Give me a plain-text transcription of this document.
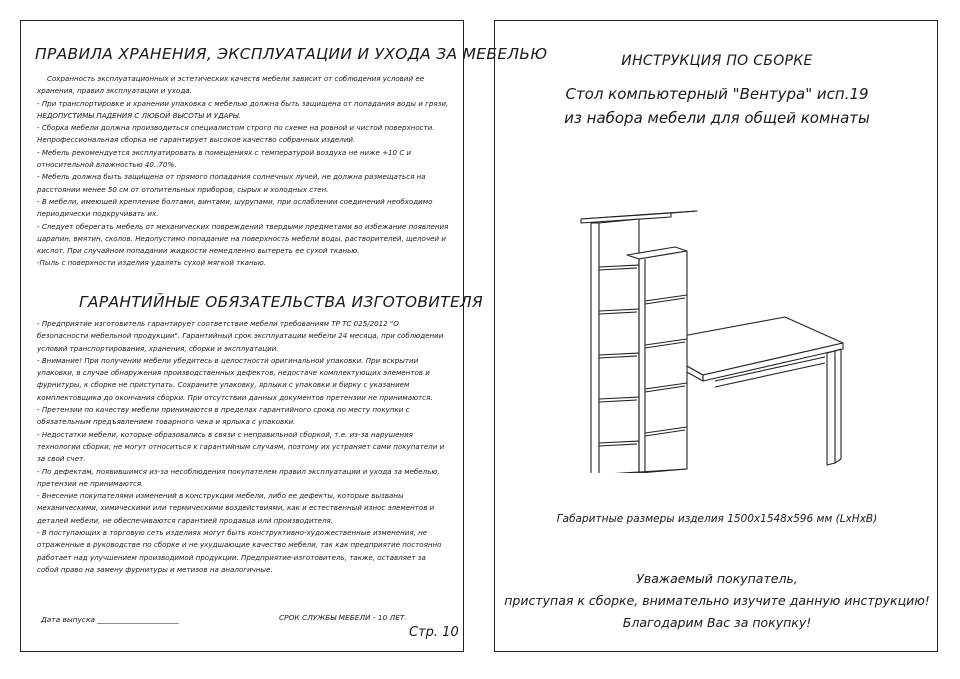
ПРАВИЛА ХРАНЕНИЯ, ЭКСПЛУАТАЦИИ И УХОДА ЗА МЕБЕЛЬЮ

Сохранность эксплуатационных и эстетических качеств мебели зависит от соблюдения условий ее хранения, правил эксплуатации и ухода.

- При транспортировке и хранении упаковка с мебелью должна быть защищена от попадания воды и грязи, НЕДОПУСТИМЫ ПАДЕНИЯ С ЛЮБОЙ ВЫСОТЫ И УДАРЫ.

- Сборка мебели должна производиться специалистом строго по схеме на ровной и чистой поверхности. Непрофессиональная сборка не гарантирует высокое качество собранных изделий.

- Мебель рекомендуется эксплуатировать в помещениях с температурой воздуха не ниже +10 С и относительной влажностью 40..70%.

- Мебель должна быть защищена от прямого попадания солнечных лучей, не должна размещаться на расстоянии менее 50 см от отопительных приборов, сырых и холодных стен.

- В мебели, имеющей крепление болтами, винтами, шурупами, при ослаблении соединений необходимо периодически подкручивать их.

- Следует оберегать мебель от механических повреждений твердыми предметами во избежание появления царапин, вмятин, сколов. Недопустимо попадание на поверхность мебели воды, растворителей, щелочей и кислот. При случайном попадании жидкости немедленно вытереть ее сухой тканью.

-Пыль с поверхности изделия удалять сухой мягкой тканью.

ГАРАНТИЙНЫЕ ОБЯЗАТЕЛЬСТВА ИЗГОТОВИТЕЛЯ

- Предприятие изготовитель гарантирует соответствие мебели требованиям ТР ТС 025/2012 "О безопасности мебельной продукции". Гарантийный срок эксплуатации мебели 24 месяца, при соблюдении условий транспортирования, хранения, сборки и эксплуатации.

- Внимание! При получении мебели убедитесь в целостности оригинальной упаковки. При вскрытии упаковки, в случае обнаружения производственных дефектов, недостаче комплектующих элементов и фурнитуры, к сборке не приступать. Сохраните упаковку, ярлыки с упаковки и бирку с указанием комплектовщика до окончания сборки. При отсутствии данных документов претензии не принимаются.

- Претензии по качеству мебели принимаются в пределах гарантийного срока по месту покупки с обязательным предъявлением товарного чека и ярлыка с упаковки.

- Недостатки мебели, которые образовались в связи с неправильной сборкой, т.е. из-за нарушения технологии сборки, не могут относиться к гарантийным случаям, поэтому их устраняет сами покупатели и за свой счет.

- По дефектам, появившимся из-за несоблюдения покупателем правил эксплуатации и ухода за мебелью, претензии не принимаются.

- Внесение покупателями изменений в конструкции мебели, либо ее дефекты, которые вызваны механическими, химическими или термическими воздействиями, как и естественный износ элементов и деталей мебели, не обеспечиваются гарантией продавца или производителя.

- В поступающих в торговую сеть изделиях могут быть конструктивно-художественные изменения, не отраженные в руководстве по сборке и не ухудшающие качество мебели, так как предприятие постоянно работает над улучшением производимой продукции. Предприятие-изготовитель, также, оставляет за собой право на замену фурнитуры и метизов на аналогичные.

Дата выпуска ______________________	СРОК СЛУЖБЫ МЕБЕЛИ - 10 ЛЕТ.
Стр. 10
ИНСТРУКЦИЯ ПО СБОРКЕ
Стол компьютерный "Вентура" исп.19
из набора мебели для общей комнаты
Габаритные размеры изделия 1500х1548х596 мм (LхHхB)
Уважаемый покупатель,
приступая к сборке, внимательно изучите данную инструкцию!
Благодарим Вас за покупку!
